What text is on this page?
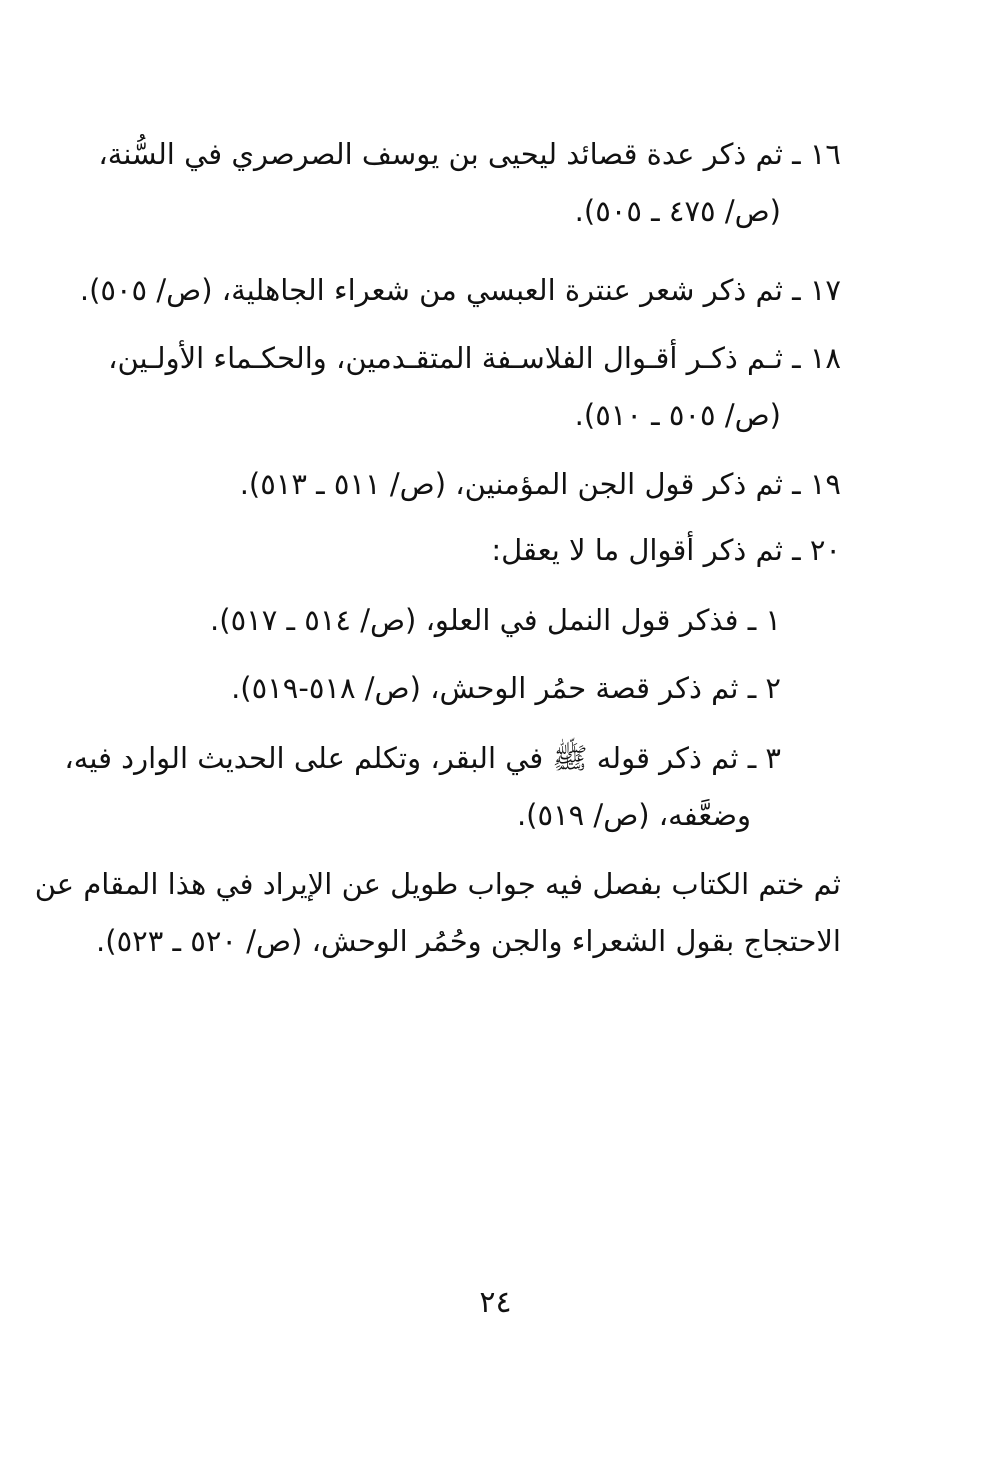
١٦ ـ ثم ذكر عدة قصائد ليحيى بن يوسف الصرصري في السُّنة،
(ص/ ٤٧٥ ـ ٥٠٥).
١٧ ـ ثم ذكر شعر عنترة العبسي من شعراء الجاهلية، (ص/ ٥٠٥).
١٨ ـ ثـم ذكـر أقـوال الفلاسـفة المتقـدمين، والحكـماء الأولـين،
(ص/ ٥٠٥ ـ ٥١٠).
١٩ ـ ثم ذكر قول الجن المؤمنين، (ص/ ٥١١ ـ ٥١٣).
٢٠ ـ ثم ذكر أقوال ما لا يعقل:
١ ـ فذكر قول النمل في العلو، (ص/ ٥١٤ ـ ٥١٧).
٢ ـ ثم ذكر قصة حمُر الوحش، (ص/ ٥١٨-٥١٩).
٣ ـ ثم ذكر قوله ﷺ في البقر، وتكلم على الحديث الوارد فيه،
وضعَّفه، (ص/ ٥١٩).
ثم ختم الكتاب بفصل فيه جواب طويل عن الإيراد في هذا المقام عن
الاحتجاج بقول الشعراء والجن وحُمُر الوحش، (ص/ ٥٢٠ ـ ٥٢٣).
٢٤
